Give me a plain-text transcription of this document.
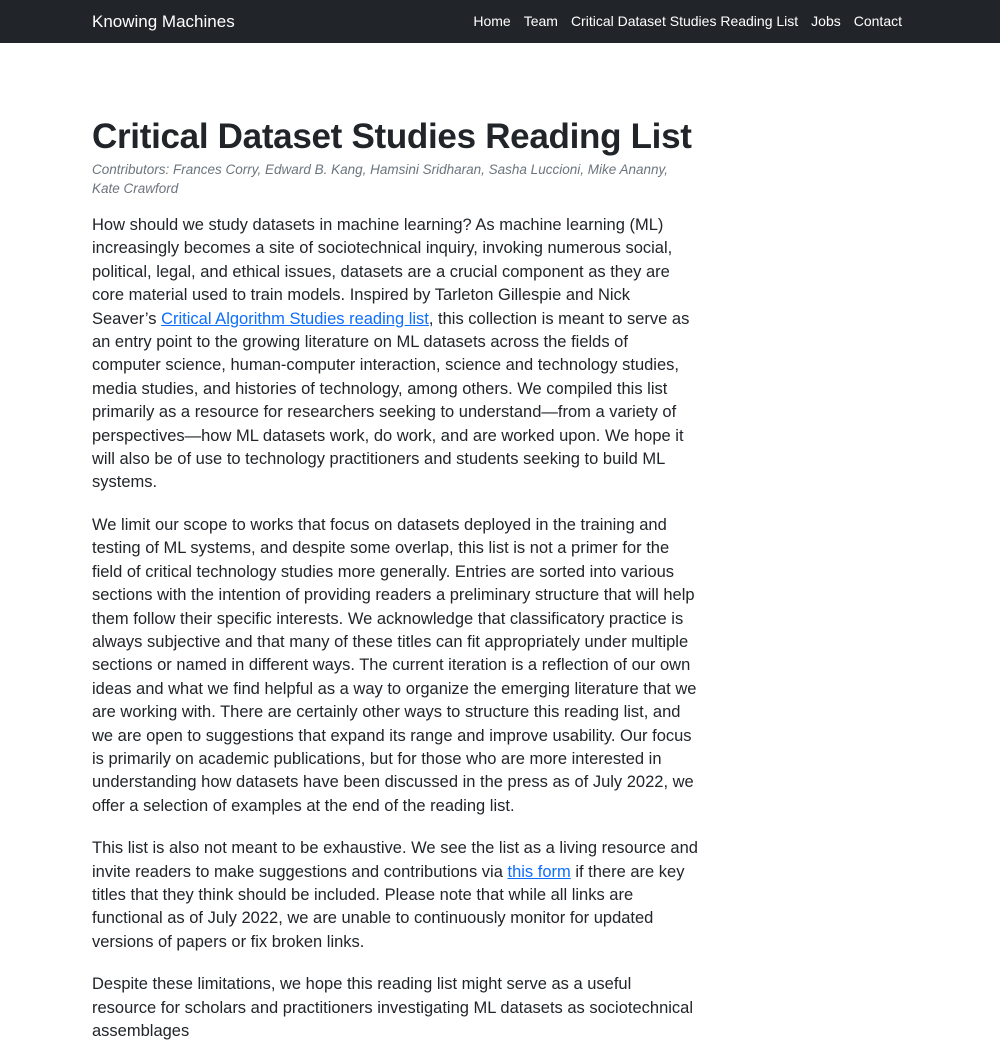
Knowing Machines	Home Team Critical Dataset Studies Reading List Jobs Contact
Critical Dataset Studies Reading List
Contributors: Frances Corry, Edward B. Kang, Hamsini Sridharan, Sasha Luccioni, Mike Ananny, Kate Crawford

How should we study datasets in machine learning? As machine learning (ML) increasingly becomes a site of sociotechnical inquiry, invoking numerous social, political, legal, and ethical issues, datasets are a crucial component as they are core material used to train models. Inspired by Tarleton Gillespie and Nick Seaver’s Critical Algorithm Studies reading list, this collection is meant to serve as an entry point to the growing literature on ML datasets across the fields of computer science, human-computer interaction, science and technology studies, media studies, and histories of technology, among others. We compiled this list primarily as a resource for researchers seeking to understand—from a variety of perspectives—how ML datasets work, do work, and are worked upon. We hope it will also be of use to technology practitioners and students seeking to build ML systems.

We limit our scope to works that focus on datasets deployed in the training and testing of ML systems, and despite some overlap, this list is not a primer for the field of critical technology studies more generally. Entries are sorted into various sections with the intention of providing readers a preliminary structure that will help them follow their specific interests. We acknowledge that classificatory practice is always subjective and that many of these titles can fit appropriately under multiple sections or named in different ways. The current iteration is a reflection of our own ideas and what we find helpful as a way to organize the emerging literature that we are working with. There are certainly other ways to structure this reading list, and we are open to suggestions that expand its range and improve usability. Our focus is primarily on academic publications, but for those who are more interested in understanding how datasets have been discussed in the press as of July 2022, we offer a selection of examples at the end of the reading list.

This list is also not meant to be exhaustive. We see the list as a living resource and invite readers to make suggestions and contributions via this form if there are key titles that they think should be included. Please note that while all links are functional as of July 2022, we are unable to continuously monitor for updated versions of papers or fix broken links.

Despite these limitations, we hope this reading list might serve as a useful resource for scholars and practitioners investigating ML datasets as sociotechnical assemblages
